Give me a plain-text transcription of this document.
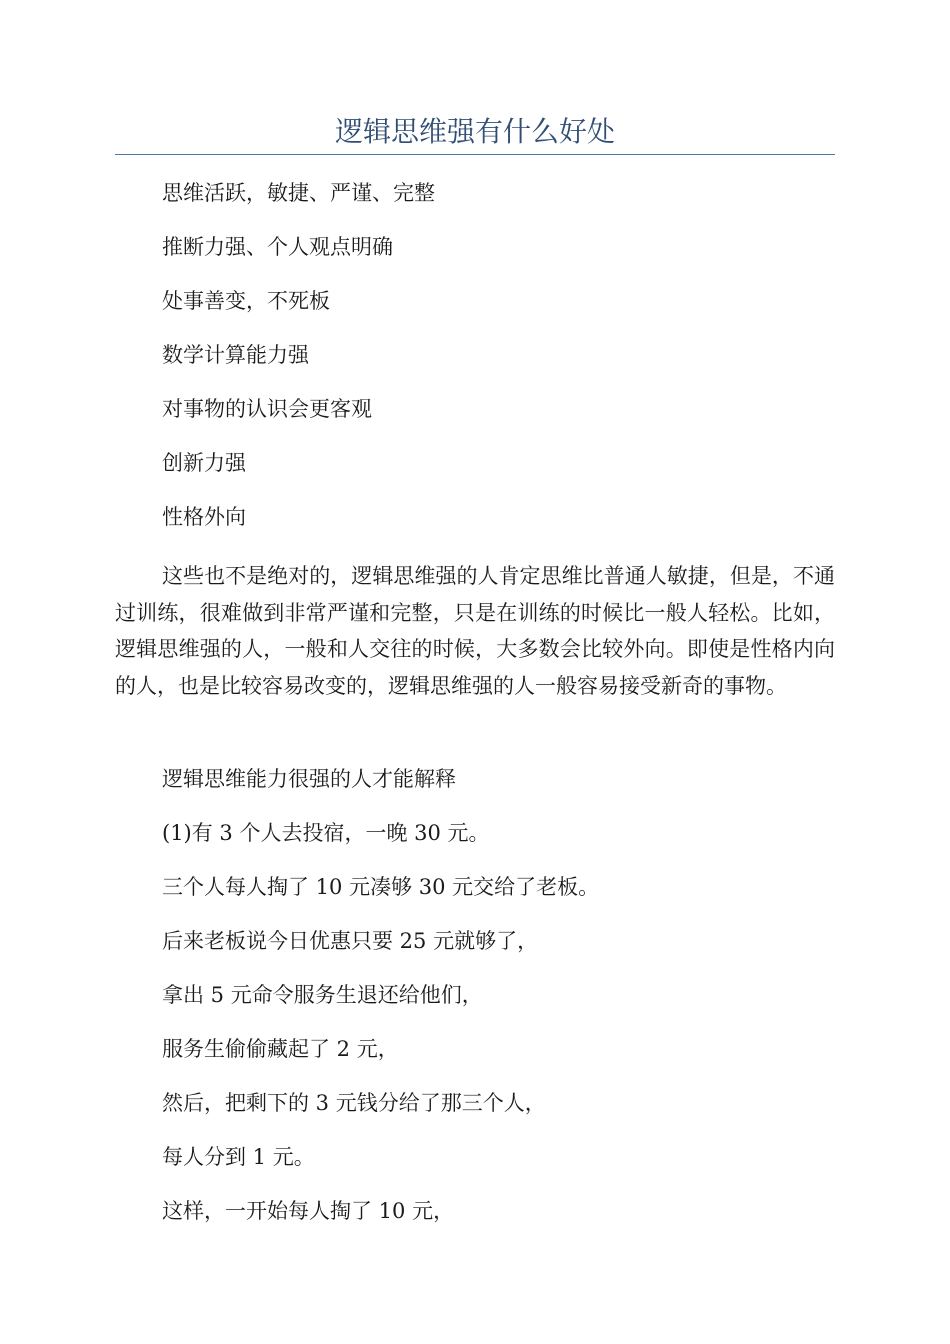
逻辑思维强有什么好处

思维活跃，敏捷、严谨、完整

推断力强、个人观点明确

处事善变，不死板

数学计算能力强

对事物的认识会更客观

创新力强

性格外向

这些也不是绝对的，逻辑思维强的人肯定思维比普通人敏捷，但是，不通过训练，很难做到非常严谨和完整，只是在训练的时候比一般人轻松。比如，逻辑思维强的人，一般和人交往的时候，大多数会比较外向。即使是性格内向的人，也是比较容易改变的，逻辑思维强的人一般容易接受新奇的事物。

逻辑思维能力很强的人才能解释

(1)有 3 个人去投宿，一晚 30 元。

三个人每人掏了 10 元凑够 30 元交给了老板。

后来老板说今日优惠只要 25 元就够了，

拿出 5 元命令服务生退还给他们，

服务生偷偷藏起了 2 元，

然后，把剩下的 3 元钱分给了那三个人，

每人分到 1 元。

这样，一开始每人掏了 10 元，
